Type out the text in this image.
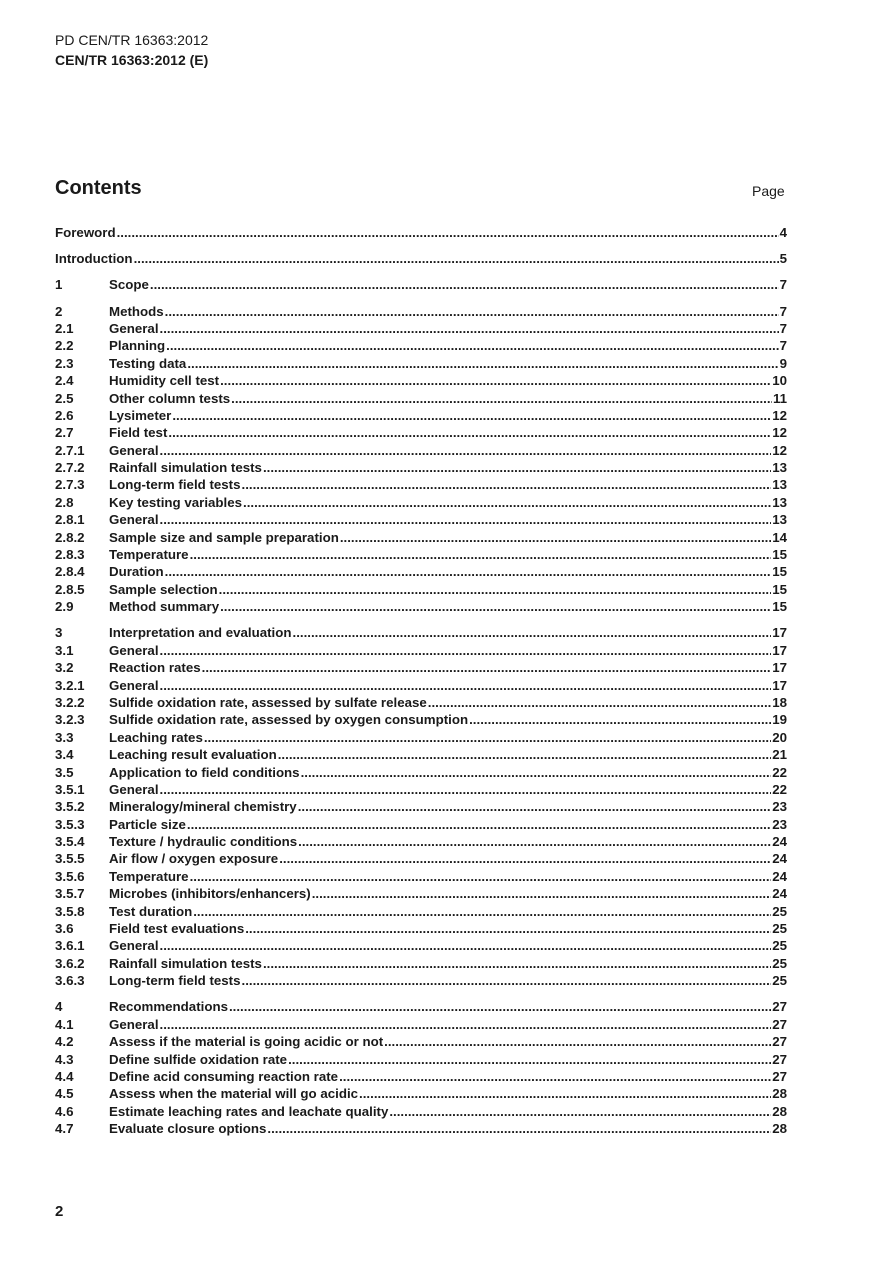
PD CEN/TR 16363:2012
CEN/TR 16363:2012 (E)
Contents	Page
Foreword .....	4
Introduction .....	5
1	Scope .....	7
2	Methods .....	7
2.1	General .....	7
2.2	Planning .....	7
2.3	Testing data .....	9
2.4	Humidity cell test .....	10
2.5	Other column tests .....	11
2.6	Lysimeter .....	12
2.7	Field test .....	12
2.7.1	General .....	12
2.7.2	Rainfall simulation tests .....	13
2.7.3	Long-term field tests .....	13
2.8	Key testing variables .....	13
2.8.1	General .....	13
2.8.2	Sample size and sample preparation .....	14
2.8.3	Temperature .....	15
2.8.4	Duration .....	15
2.8.5	Sample selection .....	15
2.9	Method summary .....	15
3	Interpretation and evaluation .....	17
3.1	General .....	17
3.2	Reaction rates .....	17
3.2.1	General .....	17
3.2.2	Sulfide oxidation rate, assessed by sulfate release .....	18
3.2.3	Sulfide oxidation rate, assessed by oxygen consumption .....	19
3.3	Leaching rates .....	20
3.4	Leaching result evaluation .....	21
3.5	Application to field conditions .....	22
3.5.1	General .....	22
3.5.2	Mineralogy/mineral chemistry .....	23
3.5.3	Particle size .....	23
3.5.4	Texture / hydraulic conditions .....	24
3.5.5	Air flow / oxygen exposure .....	24
3.5.6	Temperature .....	24
3.5.7	Microbes (inhibitors/enhancers) .....	24
3.5.8	Test duration .....	25
3.6	Field test evaluations .....	25
3.6.1	General .....	25
3.6.2	Rainfall simulation tests .....	25
3.6.3	Long-term field tests .....	25
4	Recommendations .....	27
4.1	General .....	27
4.2	Assess if the material is going acidic or not .....	27
4.3	Define sulfide oxidation rate .....	27
4.4	Define acid consuming reaction rate .....	27
4.5	Assess when the material will go acidic .....	28
4.6	Estimate leaching rates and leachate quality .....	28
4.7	Evaluate closure options .....	28
2
